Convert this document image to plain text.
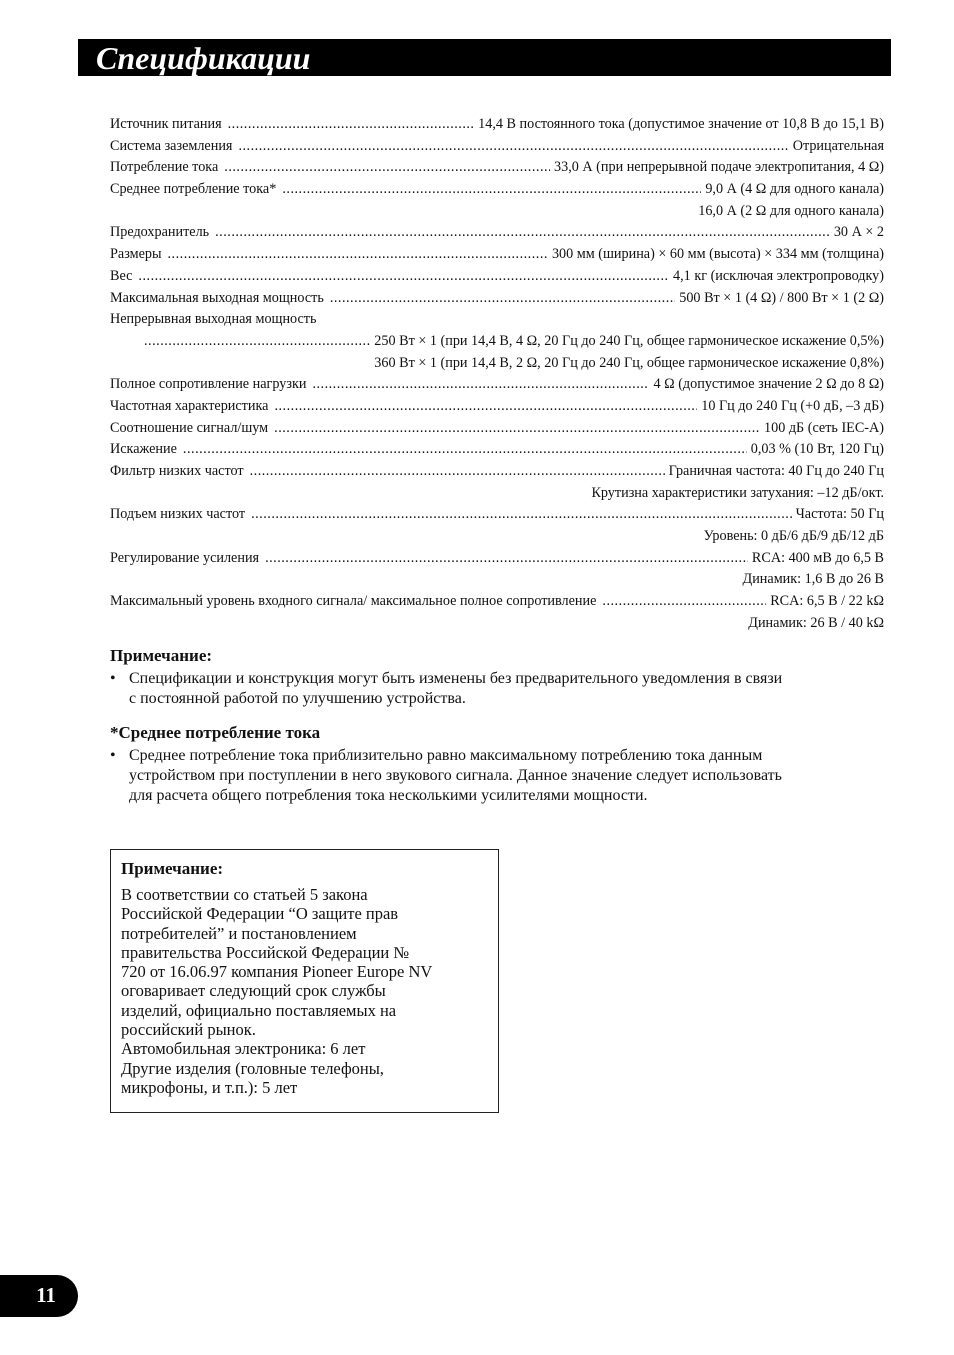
Спецификации
Источник питания .....	14,4 В постоянного тока (допустимое значение от 10,8 В до 15,1 В)
Система заземления .....	Отрицательная
Потребление тока .....	33,0 А (при непрерывной подаче электропитания, 4 Ω)
Среднее потребление тока* .....	9,0 А (4 Ω для одного канала)
16,0 А (2 Ω для одного канала)
Предохранитель .....	30 А × 2
Размеры .....	300 мм (ширина) × 60 мм (высота) × 334 мм (толщина)
Вес .....	4,1 кг (исключая электропроводку)
Максимальная выходная мощность .....	500 Вт × 1 (4 Ω) / 800 Вт × 1 (2 Ω)
Непрерывная выходная мощность
.....
250 Вт × 1 (при 14,4 В, 4 Ω, 20 Гц до 240 Гц, общее гармоническое искажение 0,5%)
360 Вт × 1 (при 14,4 В, 2 Ω, 20 Гц до 240 Гц, общее гармоническое искажение 0,8%)
Полное сопротивление нагрузки .....	4 Ω (допустимое значение 2 Ω до 8 Ω)
Частотная характеристика .....	10 Гц до 240 Гц (+0 дБ, –3 дБ)
Соотношение сигнал/шум .....	100 дБ (сеть IEC-A)
Искажение .....	0,03 % (10 Вт, 120 Гц)
Фильтр низких частот .....	Граничная частота: 40 Гц до 240 Гц
Крутизна характеристики затухания: –12 дБ/окт.
Подъем низких частот .....	Частота: 50 Гц
Уровень: 0 дБ/6 дБ/9 дБ/12 дБ
Регулирование усиления .....	RCA: 400 мВ до 6,5 В
Динамик: 1,6 В до 26 В
Максимальный уровень входного сигнала/ максимальное полное сопротивление .....	RCA: 6,5 В / 22 kΩ
Динамик: 26 В / 40 kΩ
Примечание:
• Спецификации и конструкция могут быть изменены без предварительного уведомления в связи
с постоянной работой по улучшению устройства.
*Среднее потребление тока
• Среднее потребление тока приблизительно равно максимальному потреблению тока данным
устройством при поступлении в него звукового сигнала. Данное значение следует использовать
для расчета общего потребления тока несколькими усилителями мощности.
Примечание:
В соответствии со статьей 5 закона
Российской Федерации “О защите прав
потребителей” и постановлением
правительства Российской Федерации №
720 от 16.06.97 компания Pioneer Europe NV
оговаривает следующий срок службы
изделий, официально поставляемых на
российский рынок.
Автомобильная электроника: 6 лет
Другие изделия (головные телефоны,
микрофоны, и т.п.): 5 лет
11
